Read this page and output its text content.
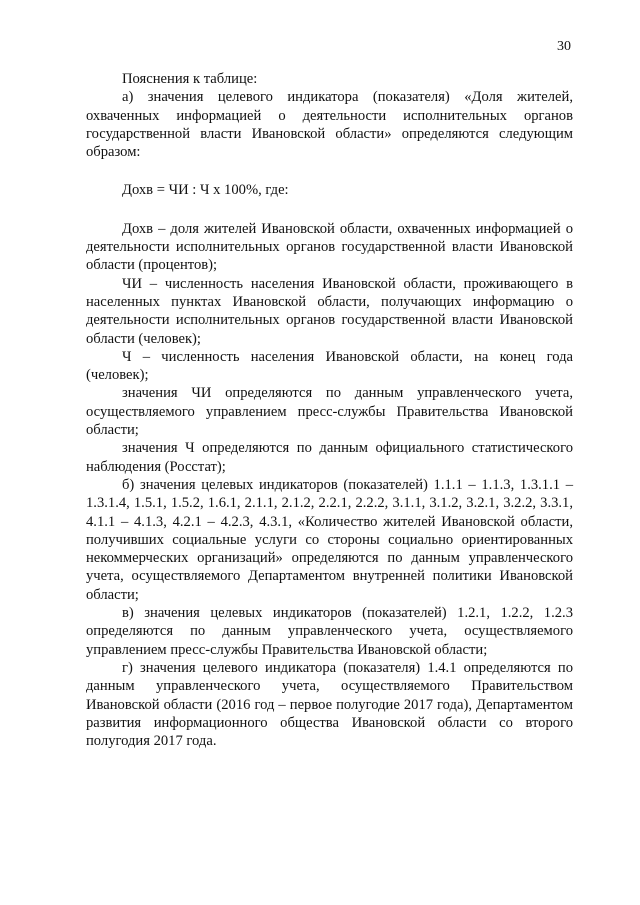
30

Пояснения к таблице:

а) значения целевого индикатора (показателя) «Доля жителей, охваченных информацией о деятельности исполнительных органов государственной власти Ивановской области» определяются следующим образом:

Дохв = ЧИ : Ч х 100%, где:

Дохв – доля жителей Ивановской области, охваченных информацией о деятельности исполнительных органов государственной власти Ивановской области (процентов);

ЧИ – численность населения Ивановской области, проживающего в населенных пунктах Ивановской области, получающих информацию о деятельности исполнительных органов государственной власти Ивановской области (человек);

Ч – численность населения Ивановской области, на конец года (человек);

значения ЧИ определяются по данным управленческого учета, осуществляемого управлением пресс-службы Правительства Ивановской области;

значения Ч определяются по данным официального статистического наблюдения (Росстат);

б) значения целевых индикаторов (показателей) 1.1.1 – 1.1.3, 1.3.1.1 – 1.3.1.4, 1.5.1, 1.5.2, 1.6.1, 2.1.1, 2.1.2, 2.2.1, 2.2.2, 3.1.1, 3.1.2, 3.2.1, 3.2.2, 3.3.1, 4.1.1 – 4.1.3, 4.2.1 – 4.2.3, 4.3.1, «Количество жителей Ивановской области, получивших социальные услуги со стороны социально ориентированных некоммерческих организаций» определяются по данным управленческого учета, осуществляемого Департаментом внутренней политики Ивановской области;

в) значения целевых индикаторов (показателей) 1.2.1, 1.2.2, 1.2.3 определяются по данным управленческого учета, осуществляемого управлением пресс-службы Правительства Ивановской области;

г) значения целевого индикатора (показателя) 1.4.1 определяются по данным управленческого учета, осуществляемого Правительством Ивановской области (2016 год – первое полугодие 2017 года), Департаментом развития информационного общества Ивановской области со второго полугодия 2017 года.
